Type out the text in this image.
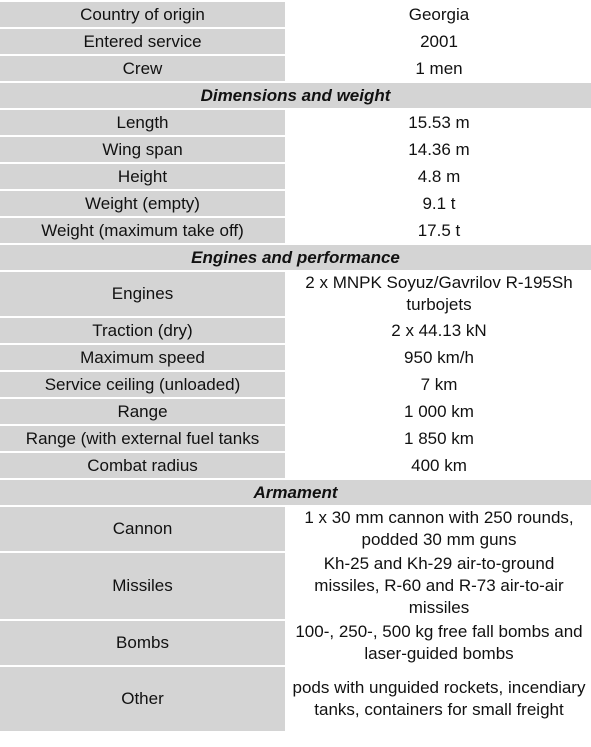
Country of origin	Georgia
Entered service	2001
Crew	1 men
Dimensions and weight	
Length	15.53 m
Wing span	14.36 m
Height	4.8 m
Weight (empty)	9.1 t
Weight (maximum take off)	17.5 t
Engines and performance	
Engines	2 x MNPK Soyuz/Gavrilov R-195Sh turbojets
Traction (dry)	2 x 44.13 kN
Maximum speed	950 km/h
Service ceiling (unloaded)	7 km
Range	1 000 km
Range (with external fuel tanks	1 850 km
Combat radius	400 km
Armament	
Cannon	1 x 30 mm cannon with 250 rounds, podded 30 mm guns
Missiles	Kh-25 and Kh-29 air-to-ground missiles, R-60 and R-73 air-to-air missiles
Bombs	100-, 250-, 500 kg free fall bombs and laser-guided bombs
Other	pods with unguided rockets, incendiary tanks, containers for small freight
